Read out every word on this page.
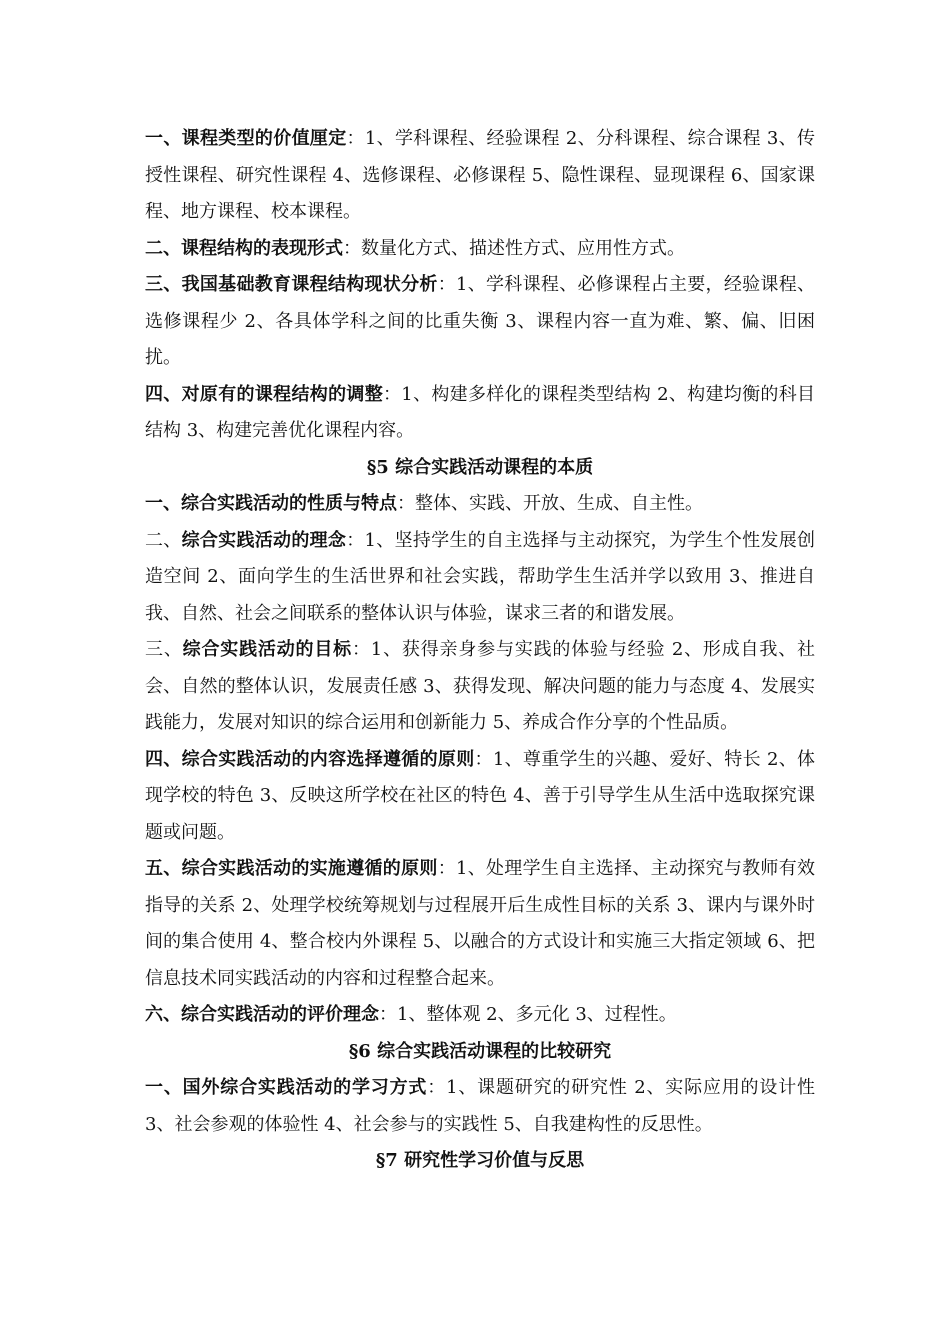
一、课程类型的价值厘定：1、学科课程、经验课程 2、分科课程、综合课程 3、传授性课程、研究性课程 4、选修课程、必修课程 5、隐性课程、显现课程 6、国家课程、地方课程、校本课程。

二、课程结构的表现形式：数量化方式、描述性方式、应用性方式。

三、我国基础教育课程结构现状分析：1、学科课程、必修课程占主要，经验课程、选修课程少 2、各具体学科之间的比重失衡 3、课程内容一直为难、繁、偏、旧困扰。

四、对原有的课程结构的调整：1、构建多样化的课程类型结构 2、构建均衡的科目结构 3、构建完善优化课程内容。

§5 综合实践活动课程的本质

一、综合实践活动的性质与特点：整体、实践、开放、生成、自主性。

二、综合实践活动的理念：1、坚持学生的自主选择与主动探究，为学生个性发展创造空间 2、面向学生的生活世界和社会实践，帮助学生生活并学以致用 3、推进自我、自然、社会之间联系的整体认识与体验，谋求三者的和谐发展。

三、综合实践活动的目标：1、获得亲身参与实践的体验与经验 2、形成自我、社会、自然的整体认识，发展责任感 3、获得发现、解决问题的能力与态度 4、发展实践能力，发展对知识的综合运用和创新能力 5、养成合作分享的个性品质。

四、综合实践活动的内容选择遵循的原则：1、尊重学生的兴趣、爱好、特长 2、体现学校的特色 3、反映这所学校在社区的特色 4、善于引导学生从生活中选取探究课题或问题。

五、综合实践活动的实施遵循的原则：1、处理学生自主选择、主动探究与教师有效指导的关系 2、处理学校统筹规划与过程展开后生成性目标的关系 3、课内与课外时间的集合使用 4、整合校内外课程 5、以融合的方式设计和实施三大指定领域 6、把信息技术同实践活动的内容和过程整合起来。

六、综合实践活动的评价理念：1、整体观 2、多元化 3、过程性。

§6 综合实践活动课程的比较研究

一、国外综合实践活动的学习方式：1、课题研究的研究性 2、实际应用的设计性 3、社会参观的体验性 4、社会参与的实践性 5、自我建构性的反思性。

§7 研究性学习价值与反思
